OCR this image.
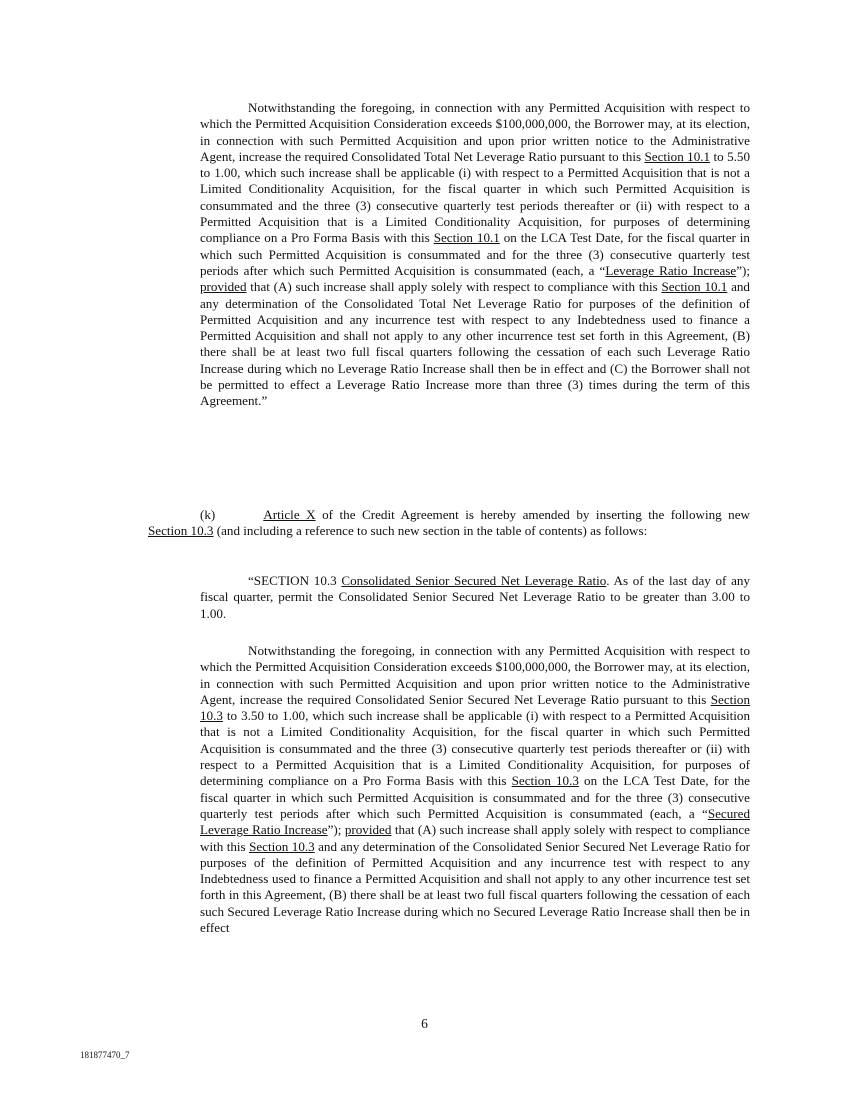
Notwithstanding the foregoing, in connection with any Permitted Acquisition with respect to which the Permitted Acquisition Consideration exceeds $100,000,000, the Borrower may, at its election, in connection with such Permitted Acquisition and upon prior written notice to the Administrative Agent, increase the required Consolidated Total Net Leverage Ratio pursuant to this Section 10.1 to 5.50 to 1.00, which such increase shall be applicable (i) with respect to a Permitted Acquisition that is not a Limited Conditionality Acquisition, for the fiscal quarter in which such Permitted Acquisition is consummated and the three (3) consecutive quarterly test periods thereafter or (ii) with respect to a Permitted Acquisition that is a Limited Conditionality Acquisition, for purposes of determining compliance on a Pro Forma Basis with this Section 10.1 on the LCA Test Date, for the fiscal quarter in which such Permitted Acquisition is consummated and for the three (3) consecutive quarterly test periods after which such Permitted Acquisition is consummated (each, a “Leverage Ratio Increase”); provided that (A) such increase shall apply solely with respect to compliance with this Section 10.1 and any determination of the Consolidated Total Net Leverage Ratio for purposes of the definition of Permitted Acquisition and any incurrence test with respect to any Indebtedness used to finance a Permitted Acquisition and shall not apply to any other incurrence test set forth in this Agreement, (B) there shall be at least two full fiscal quarters following the cessation of each such Leverage Ratio Increase during which no Leverage Ratio Increase shall then be in effect and (C) the Borrower shall not be permitted to effect a Leverage Ratio Increase more than three (3) times during the term of this Agreement.”

(k)	Article X of the Credit Agreement is hereby amended by inserting the following new Section 10.3 (and including a reference to such new section in the table of contents) as follows:

“SECTION 10.3 Consolidated Senior Secured Net Leverage Ratio. As of the last day of any fiscal quarter, permit the Consolidated Senior Secured Net Leverage Ratio to be greater than 3.00 to 1.00.

Notwithstanding the foregoing, in connection with any Permitted Acquisition with respect to which the Permitted Acquisition Consideration exceeds $100,000,000, the Borrower may, at its election, in connection with such Permitted Acquisition and upon prior written notice to the Administrative Agent, increase the required Consolidated Senior Secured Net Leverage Ratio pursuant to this Section 10.3 to 3.50 to 1.00, which such increase shall be applicable (i) with respect to a Permitted Acquisition that is not a Limited Conditionality Acquisition, for the fiscal quarter in which such Permitted Acquisition is consummated and the three (3) consecutive quarterly test periods thereafter or (ii) with respect to a Permitted Acquisition that is a Limited Conditionality Acquisition, for purposes of determining compliance on a Pro Forma Basis with this Section 10.3 on the LCA Test Date, for the fiscal quarter in which such Permitted Acquisition is consummated and for the three (3) consecutive quarterly test periods after which such Permitted Acquisition is consummated (each, a “Secured Leverage Ratio Increase”); provided that (A) such increase shall apply solely with respect to compliance with this Section 10.3 and any determination of the Consolidated Senior Secured Net Leverage Ratio for purposes of the definition of Permitted Acquisition and any incurrence test with respect to any Indebtedness used to finance a Permitted Acquisition and shall not apply to any other incurrence test set forth in this Agreement, (B) there shall be at least two full fiscal quarters following the cessation of each such Secured Leverage Ratio Increase during which no Secured Leverage Ratio Increase shall then be in effect

6
181877470_7
